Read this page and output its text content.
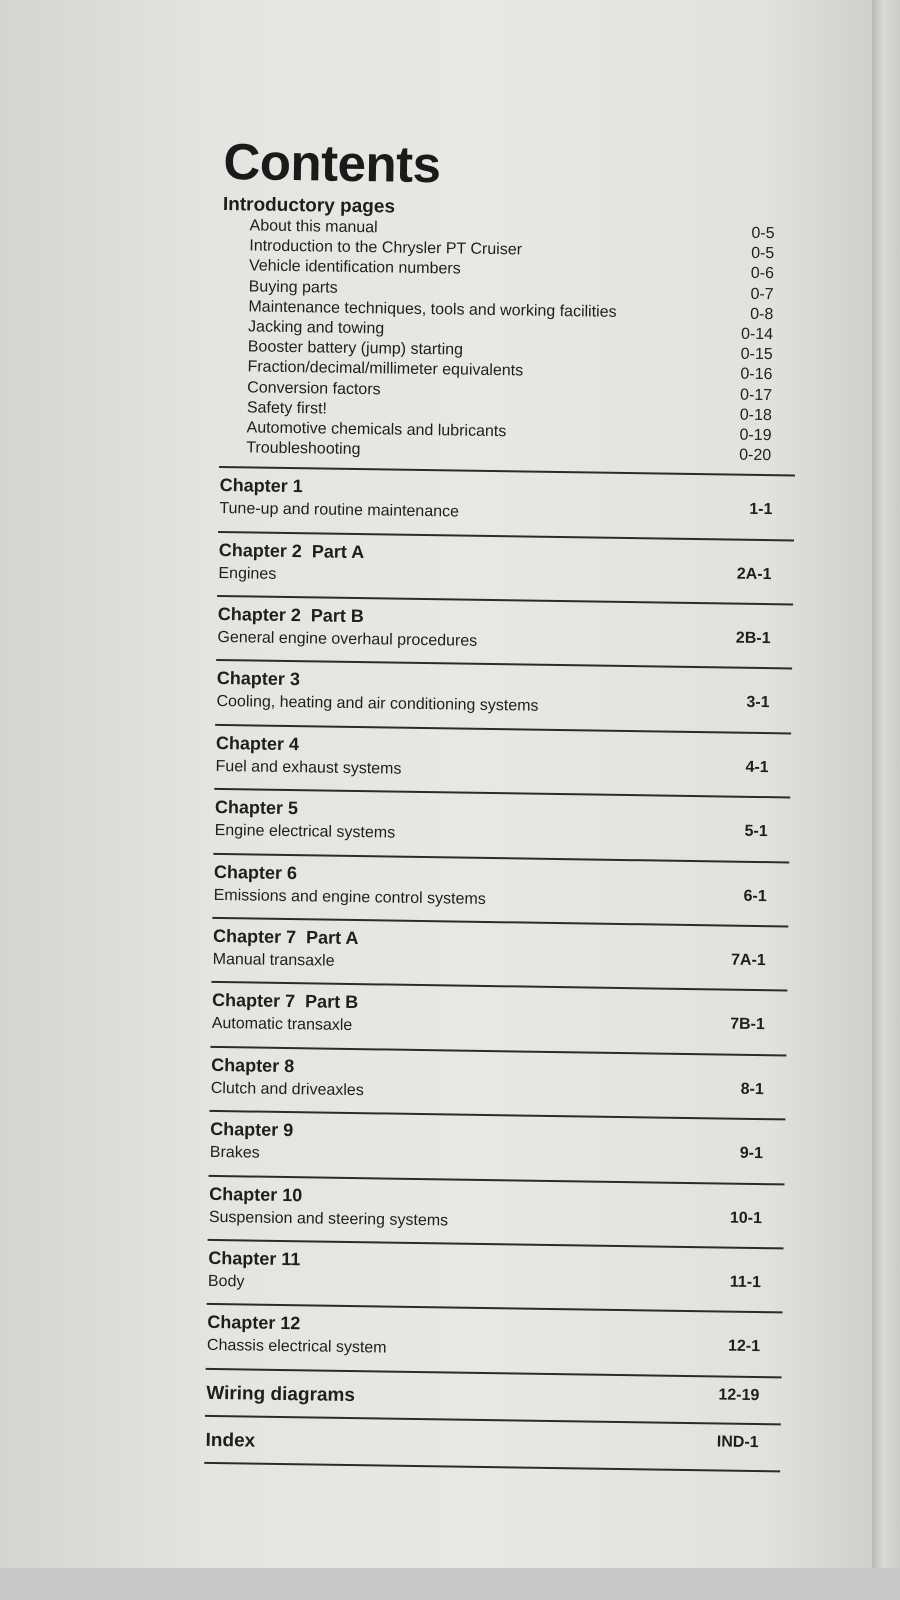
Contents
Introductory pages
About this manual	0-5
Introduction to the Chrysler PT Cruiser	0-5
Vehicle identification numbers	0-6
Buying parts	0-7
Maintenance techniques, tools and working facilities	0-8
Jacking and towing	0-14
Booster battery (jump) starting	0-15
Fraction/decimal/millimeter equivalents	0-16
Conversion factors	0-17
Safety first!	0-18
Automotive chemicals and lubricants	0-19
Troubleshooting	0-20
Chapter 1
Tune-up and routine maintenance	1-1
Chapter 2 Part A
Engines	2A-1
Chapter 2 Part B
General engine overhaul procedures	2B-1
Chapter 3
Cooling, heating and air conditioning systems	3-1
Chapter 4
Fuel and exhaust systems	4-1
Chapter 5
Engine electrical systems	5-1
Chapter 6
Emissions and engine control systems	6-1
Chapter 7 Part A
Manual transaxle	7A-1
Chapter 7 Part B
Automatic transaxle	7B-1
Chapter 8
Clutch and driveaxles	8-1
Chapter 9
Brakes	9-1
Chapter 10
Suspension and steering systems	10-1
Chapter 11
Body	11-1
Chapter 12
Chassis electrical system	12-1
Wiring diagrams	12-19
Index	IND-1
